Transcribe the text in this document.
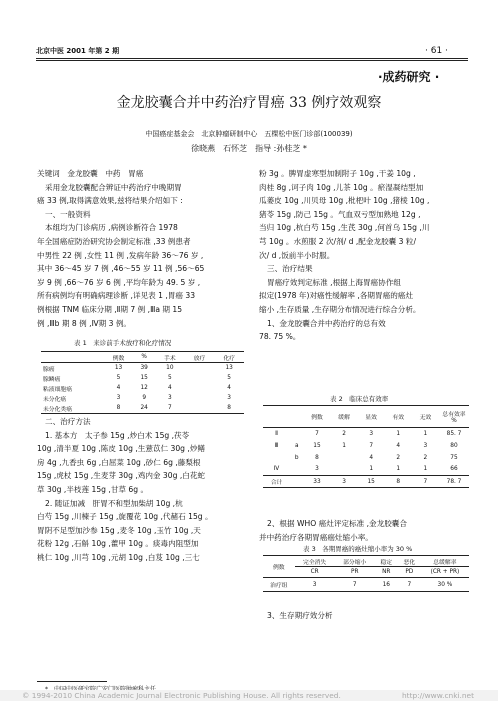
北京中医 2001 年第 2 期	· 61 ·
·成药研究 ·
金龙胶囊合并中药治疗胃癌 33 例疗效观察
中国癌症基金会　北京肿瘤研制中心　五棵松中医门诊部(100039)
徐晓燕　石怀芝　指导 :孙桂芝 *

关键词　金龙胶囊　中药　胃癌

采用金龙胶囊配合辨证中药治疗中晚期胃

癌 33 例,取得满意效果,兹将结果介绍如下 :

一、一般资料

本组均为门诊病历 ,病例诊断符合 1978

年全国癌症防治研究协会制定标准 ,33 例患者

中男性 22 例 ,女性 11 例 ,发病年龄 36～76 岁 ,

其中 36～45 岁 7 例 ,46～55 岁 11 例 ,56～65

岁 9 例 ,66～76 岁 6 例 ,平均年龄为 49. 5 岁 ,

所有病例均有明确病理诊断 ,详见表 1 ,胃癌 33

例根据 TNM 临床分期 ,Ⅱ期 7 例 ,Ⅲa 期 15

例 ,Ⅲb 期 8 例 ,Ⅳ期 3 例。

表 1　来诊前手术放疗和化疗情况
	例数	%	手术	放疗	化疗
腺癌	13	39	10		13
腺鳞癌	5	15	5		5
粘液细胞癌	4	12	4		4
未分化癌	3	9	3		3
未分化类癌	8	24	7		8

二、治疗方法

1. 基本方　太子参 15g ,炒白术 15g ,茯苓

10g ,清半夏 10g ,陈皮 10g ,生薏苡仁 30g ,炒鳝

房 4g ,九香虫 6g ,白屈菜 10g ,砂仁 6g ,藤梨根

15g ,虎杖 15g ,生麦芽 30g ,鸡内金 30g ,白花蛇

草 30g ,半枝莲 15g ,甘草 6g 。

2. 随证加减　肝胃不和型加柴胡 10g ,杭

白芍 15g ,川楝子 15g ,旋覆花 10g ,代赭石 15g 。

胃阴不足型加沙参 15g ,麦冬 10g ,玉竹 10g ,天

花粉 12g ,石斛 10g ,藿甲 10g 。痰毒内阻型加

桃仁 10g ,川芎 10g ,元胡 10g ,白芨 10g ,三七

粉 3g 。脾胃虚寒型加制附子 10g ,干姜 10g ,

肉桂 8g ,诃子肉 10g ,儿茶 10g 。瘀湿凝结型加

瓜蒌皮 10g ,川贝母 10g ,枇杷叶 10g ,猪棱 10g ,

猪苓 15g ,防己 15g 。气血双亏型加熟地 12g ,

当归 10g ,杭白芍 15g ,生芪 30g ,何首乌 15g ,川

芎 10g 。水煎服 2 次/剂/ d ,配金龙胶囊 3 粒/

次/ d ,饭前半小时服。

三、治疗结果

胃癌疗效判定标准 ,根据上海胃癌协作组

拟定(1978 年)对癌性缓解率 ,各期胃癌的癌灶

缩小 ,生存质量 ,生存期分布情况进行综合分析。

1、金龙胶囊合并中药治疗的总有效

78. 75 %。

表 2　临床总有效率
		例数	缓解	显效	有效	无效	总有效率 %
Ⅱ		7	2	3	1	1	85. 7
Ⅲ	a	15	1	7	4	3	80
	b	8		4	2	2	75
Ⅳ		3		1	1	1	66
合计		33	3	15	8	7	78. 7

2、根据 WHO 癌灶评定标准 ,金龙胶囊合

并中药治疗各期胃癌癌灶缩小率。

表 3　各期胃癌的癌灶缩小率为 30 %
例数	完全消失	部分缩小	稳定	恶化	总缓解率
	CR	PR	NR	PD	(CR + PR)
治疗组	3	7	16	7	30 %

3、生存期疗效分析

© 1994-2010 China Academic Journal Electronic Publishing House. All rights reserved.	http://www.cnki.net
